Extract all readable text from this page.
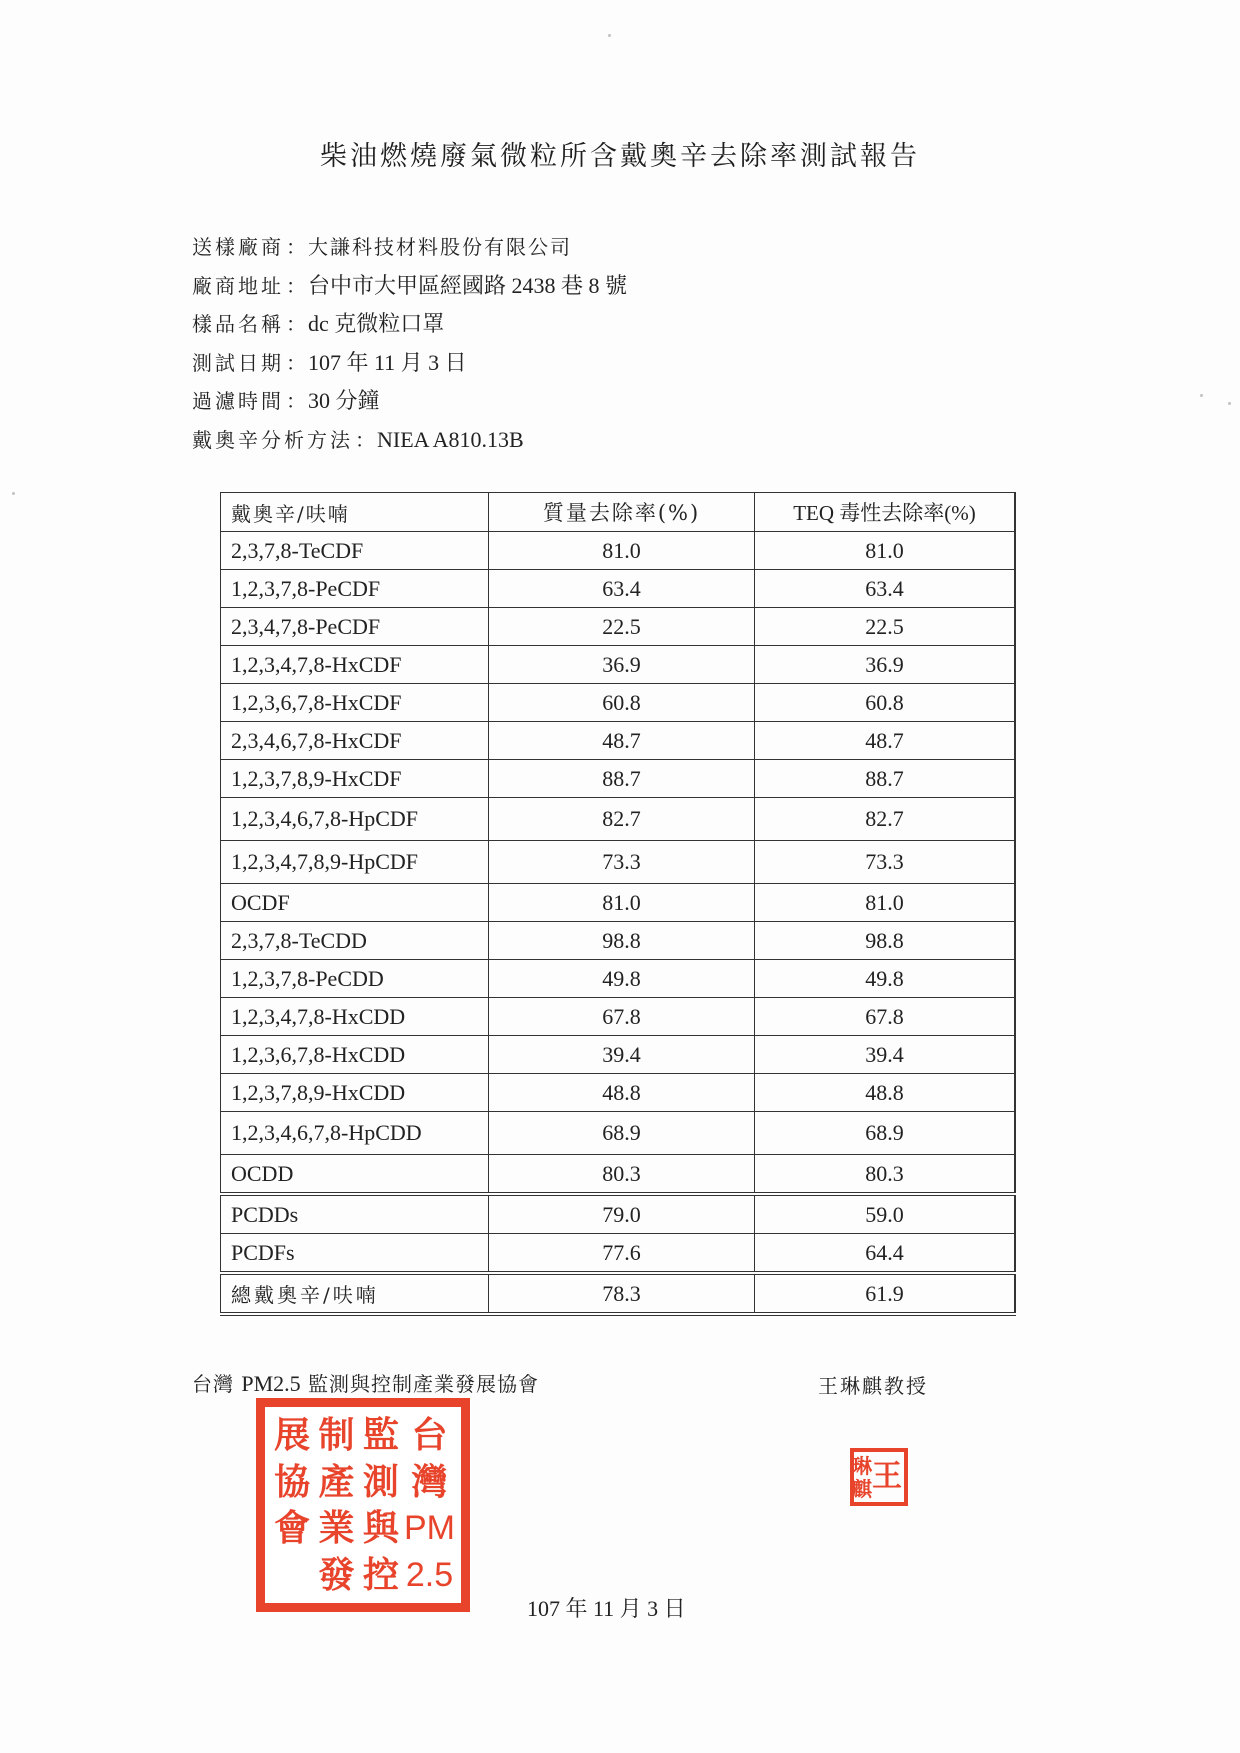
柴油燃燒廢氣微粒所含戴奧辛去除率測試報告
送樣廠商 ： 大謙科技材料股份有限公司
廠商地址 ：台中市大甲區經國路 2438 巷 8 號
樣品名稱 ：dc 克微粒口罩
測試日期 ：107 年 11 月 3 日
過濾時間 ：30 分鐘
戴奧辛分析方法 ：NIEA A810.13B
戴奧辛/呋喃	質量去除率(%)	TEQ 毒性去除率(%)
2,3,7,8-TeCDF	81.0	81.0
1,2,3,7,8-PeCDF	63.4	63.4
2,3,4,7,8-PeCDF	22.5	22.5
1,2,3,4,7,8-HxCDF	36.9	36.9
1,2,3,6,7,8-HxCDF	60.8	60.8
2,3,4,6,7,8-HxCDF	48.7	48.7
1,2,3,7,8,9-HxCDF	88.7	88.7
1,2,3,4,6,7,8-HpCDF	82.7	82.7
1,2,3,4,7,8,9-HpCDF	73.3	73.3
OCDF	81.0	81.0
2,3,7,8-TeCDD	98.8	98.8
1,2,3,7,8-PeCDD	49.8	49.8
1,2,3,4,7,8-HxCDD	67.8	67.8
1,2,3,6,7,8-HxCDD	39.4	39.4
1,2,3,7,8,9-HxCDD	48.8	48.8
1,2,3,4,6,7,8-HpCDD	68.9	68.9
OCDD	80.3	80.3
PCDDs	79.0	59.0
PCDFs	77.6	64.4
總戴奧辛/呋喃	78.3	61.9
台灣 PM2.5 監測與控制產業發展協會	王琳麒教授
台
灣
PM
2.5
監
測
與
控
制
產
業
發
展
協
會
王
琳
麒
107 年 11 月 3 日
